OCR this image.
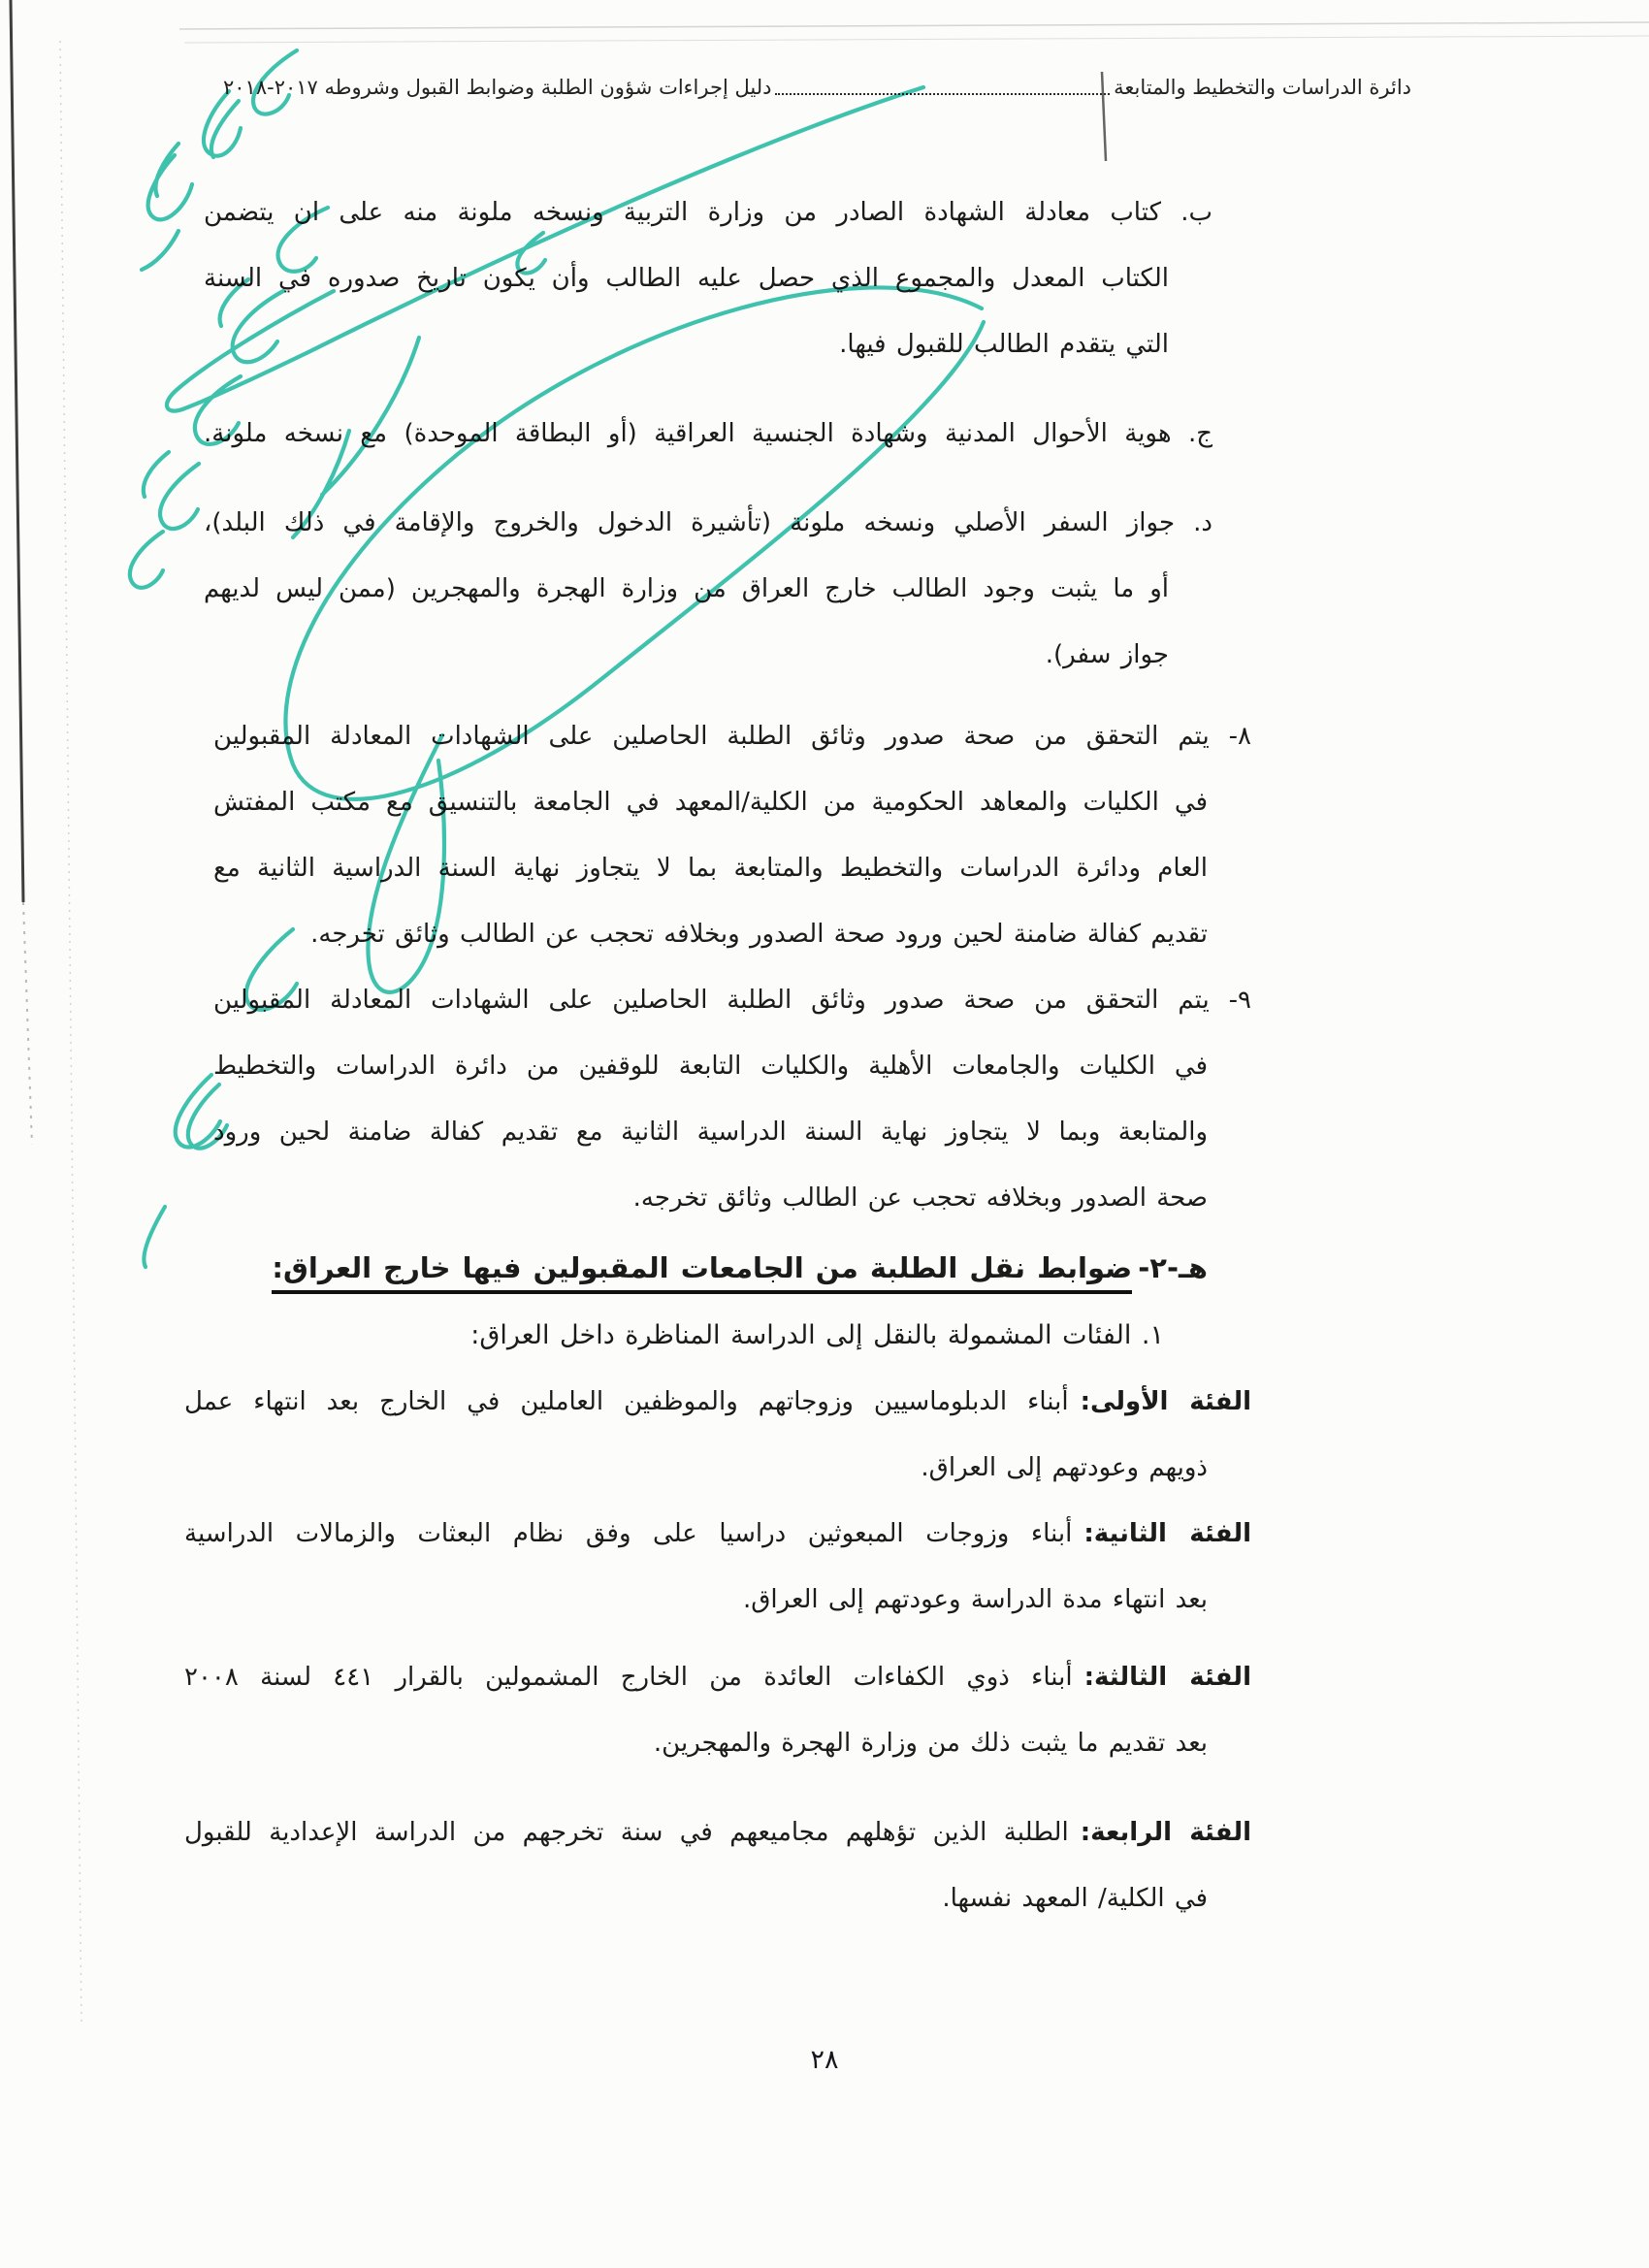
دائرة الدراسات والتخطيط والمتابعة
دليل إجراءات شؤون الطلبة وضوابط القبول وشروطه ٢٠١٧-٢٠١٨
ب. كتاب معادلة الشهادة الصادر من وزارة التربية ونسخه ملونة منه على ان يتضمن
الكتاب المعدل والمجموع الذي حصل عليه الطالب وأن يكون تاريخ صدوره في السنة
التي يتقدم الطالب للقبول فيها.
ج. هوية الأحوال المدنية وشهادة الجنسية العراقية (أو البطاقة الموحدة) مع نسخه ملونة.
د. جواز السفر الأصلي ونسخه ملونة (تأشيرة الدخول والخروج والإقامة في ذلك البلد)،
أو ما يثبت وجود الطالب خارج العراق من وزارة الهجرة والمهجرين (ممن ليس لديهم
جواز سفر).
٨- يتم التحقق من صحة صدور وثائق الطلبة الحاصلين على الشهادات المعادلة المقبولين
في الكليات والمعاهد الحكومية من الكلية/المعهد في الجامعة بالتنسيق مع مكتب المفتش
العام ودائرة الدراسات والتخطيط والمتابعة بما لا يتجاوز نهاية السنة الدراسية الثانية مع
تقديم كفالة ضامنة لحين ورود صحة الصدور وبخلافه تحجب عن الطالب وثائق تخرجه.
٩- يتم التحقق من صحة صدور وثائق الطلبة الحاصلين على الشهادات المعادلة المقبولين
في الكليات والجامعات الأهلية والكليات التابعة للوقفين من دائرة الدراسات والتخطيط
والمتابعة وبما لا يتجاوز نهاية السنة الدراسية الثانية مع تقديم كفالة ضامنة لحين ورود
صحة الصدور وبخلافه تحجب عن الطالب وثائق تخرجه.
هـ-٢-ضوابط نقل الطلبة من الجامعات المقبولين فيها خارج العراق:
١. الفئات المشمولة بالنقل إلى الدراسة المناظرة داخل العراق:
الفئة الأولى:أبناء الدبلوماسيين وزوجاتهم والموظفين العاملين في الخارج بعد انتهاء عمل
ذويهم وعودتهم إلى العراق.
الفئة الثانية:أبناء وزوجات المبعوثين دراسيا على وفق نظام البعثات والزمالات الدراسية
بعد انتهاء مدة الدراسة وعودتهم إلى العراق.
الفئة الثالثة:أبناء ذوي الكفاءات العائدة من الخارج المشمولين بالقرار ٤٤١ لسنة ٢٠٠٨
بعد تقديم ما يثبت ذلك من وزارة الهجرة والمهجرين.
الفئة الرابعة:الطلبة الذين تؤهلهم مجاميعهم في سنة تخرجهم من الدراسة الإعدادية للقبول
في الكلية/ المعهد نفسها.
٢٨
